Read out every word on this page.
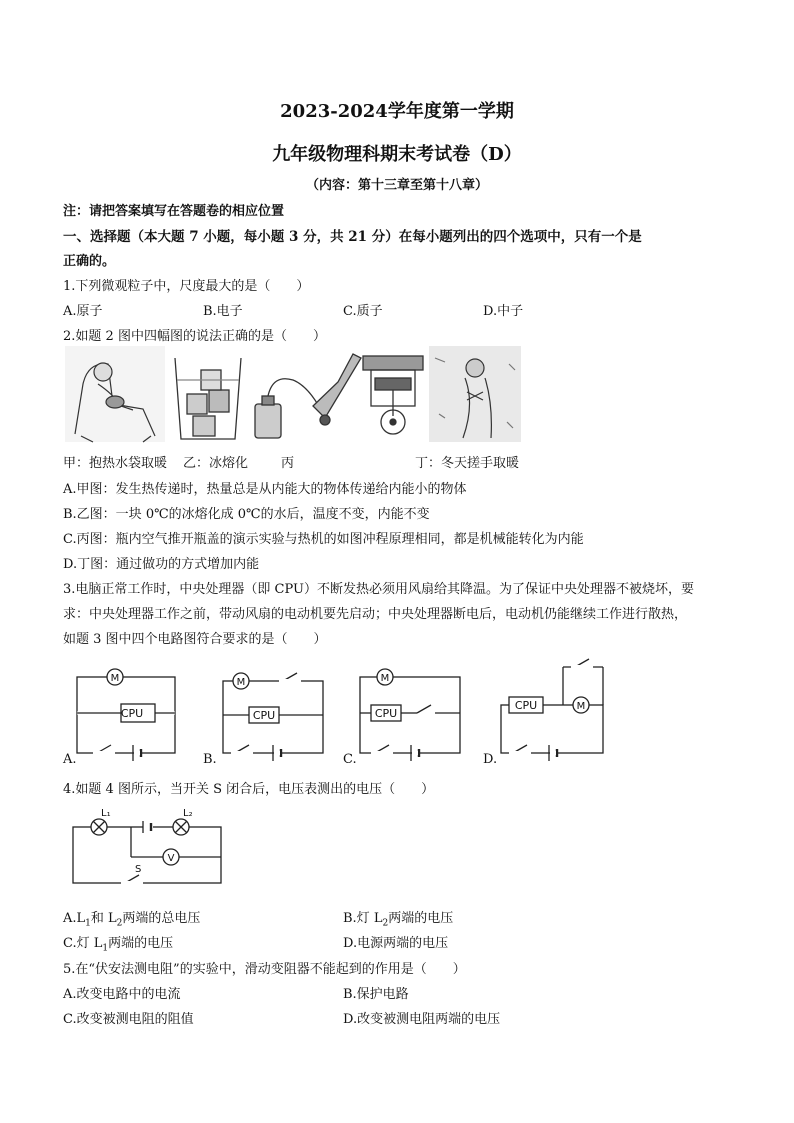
2023-2024学年度第一学期
九年级物理科期末考试卷（D）
（内容：第十三章至第十八章）
注：请把答案填写在答题卷的相应位置
一、选择题（本大题 7 小题，每小题 3 分，共 21 分）在每小题列出的四个选项中，只有一个是
正确的。
1.下列微观粒子中，尺度最大的是（　　）
A.原子	B.电子	C.质子	D.中子
2.如题 2 图中四幅图的说法正确的是（　　）
甲：抱热水袋取暖 乙：冰熔化	丙	丁：冬天搓手取暖
A.甲图：发生热传递时，热量总是从内能大的物体传递给内能小的物体
B.乙图：一块 0℃的冰熔化成 0℃的水后，温度不变，内能不变
C.丙图：瓶内空气推开瓶盖的演示实验与热机的如图冲程原理相同，都是机械能转化为内能
D.丁图：通过做功的方式增加内能
3.电脑正常工作时，中央处理器（即 CPU）不断发热必须用风扇给其降温。为了保证中央处理器不被烧坏，要
求：中央处理器工作之前，带动风扇的电动机要先启动；中央处理器断电后，电动机仍能继续工作进行散热，
如题 3 图中四个电路图符合要求的是（　　）
CPU
M
CPU
M
CPU
M
CPU	M
A.	B.	C.	D.
4.如题 4 图所示，当开关 S 闭合后，电压表测出的电压（　　）
L₁	L₂
V
S
$A.L_1$和 $L_2$两端的总电压	B.灯 $L_2$两端的电压
C.灯 $L_1$两端的电压	D.电源两端的电压
5.在“伏安法测电阻”的实验中，滑动变阻器不能起到的作用是（　　）
A.改变电路中的电流	B.保护电路
C.改变被测电阻的阻值	D.改变被测电阻两端的电压
